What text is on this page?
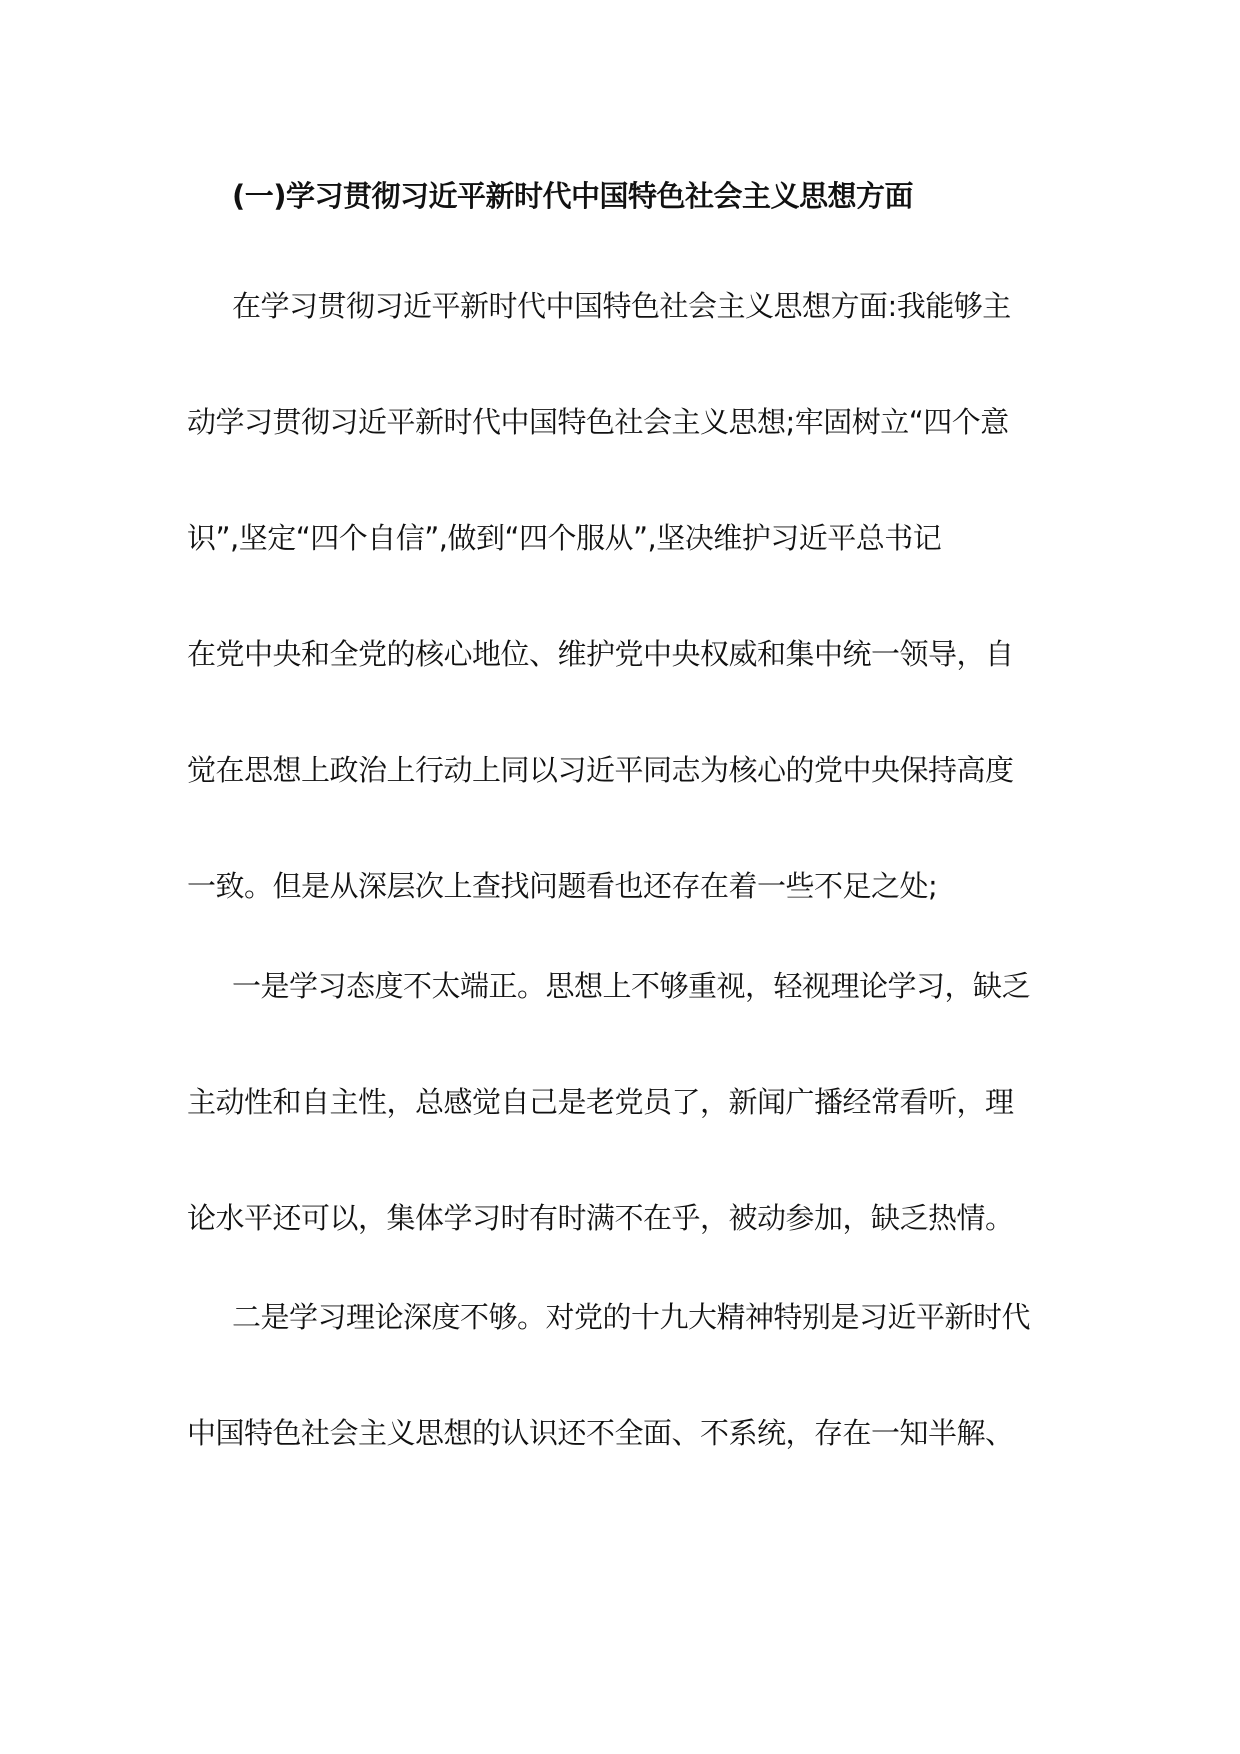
(一)学习贯彻习近平新时代中国特色社会主义思想方面
在学习贯彻习近平新时代中国特色社会主义思想方面:我能够主
动学习贯彻习近平新时代中国特色社会主义思想;牢固树立“四个意
识”,坚定“四个自信”,做到“四个服从”,坚决维护习近平总书记
在党中央和全党的核心地位、维护党中央权威和集中统一领导，自
觉在思想上政治上行动上同以习近平同志为核心的党中央保持高度
一致。但是从深层次上查找问题看也还存在着一些不足之处;
一是学习态度不太端正。思想上不够重视，轻视理论学习，缺乏
主动性和自主性，总感觉自己是老党员了，新闻广播经常看听，理
论水平还可以，集体学习时有时满不在乎，被动参加，缺乏热情。
二是学习理论深度不够。对党的十九大精神特别是习近平新时代
中国特色社会主义思想的认识还不全面、不系统，存在一知半解、
